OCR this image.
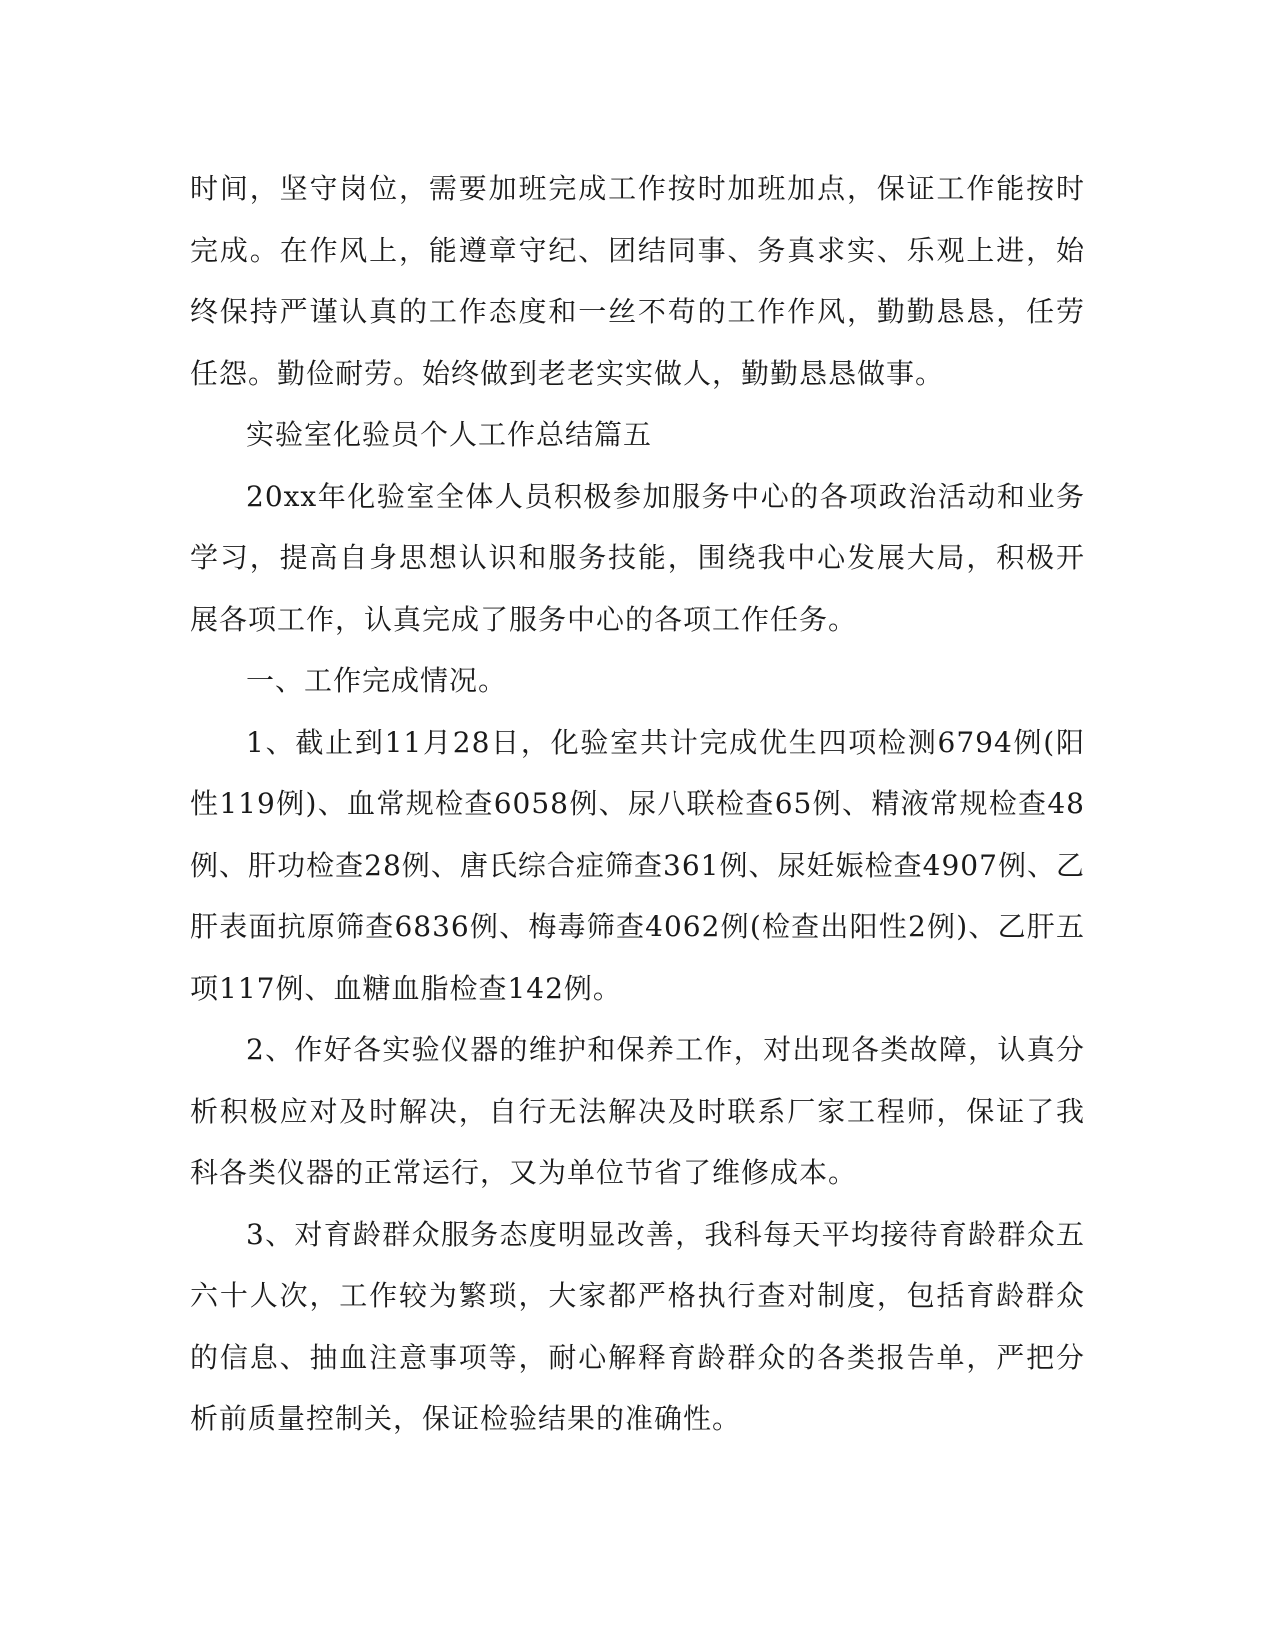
时间，坚守岗位，需要加班完成工作按时加班加点，保证工作能按时完成。在作风上，能遵章守纪、团结同事、务真求实、乐观上进，始终保持严谨认真的工作态度和一丝不苟的工作作风，勤勤恳恳，任劳任怨。勤俭耐劳。始终做到老老实实做人，勤勤恳恳做事。

实验室化验员个人工作总结篇五

20xx年化验室全体人员积极参加服务中心的各项政治活动和业务学习，提高自身思想认识和服务技能，围绕我中心发展大局，积极开展各项工作，认真完成了服务中心的各项工作任务。

一、工作完成情况。

1、截止到11月28日，化验室共计完成优生四项检测6794例(阳性119例)、血常规检查6058例、尿八联检查65例、精液常规检查48例、肝功检查28例、唐氏综合症筛查361例、尿妊娠检查4907例、乙肝表面抗原筛查6836例、梅毒筛查4062例(检查出阳性2例)、乙肝五项117例、血糖血脂检查142例。

2、作好各实验仪器的维护和保养工作，对出现各类故障，认真分析积极应对及时解决，自行无法解决及时联系厂家工程师，保证了我科各类仪器的正常运行，又为单位节省了维修成本。

3、对育龄群众服务态度明显改善，我科每天平均接待育龄群众五六十人次，工作较为繁琐，大家都严格执行查对制度，包括育龄群众的信息、抽血注意事项等，耐心解释育龄群众的各类报告单，严把分析前质量控制关，保证检验结果的准确性。
